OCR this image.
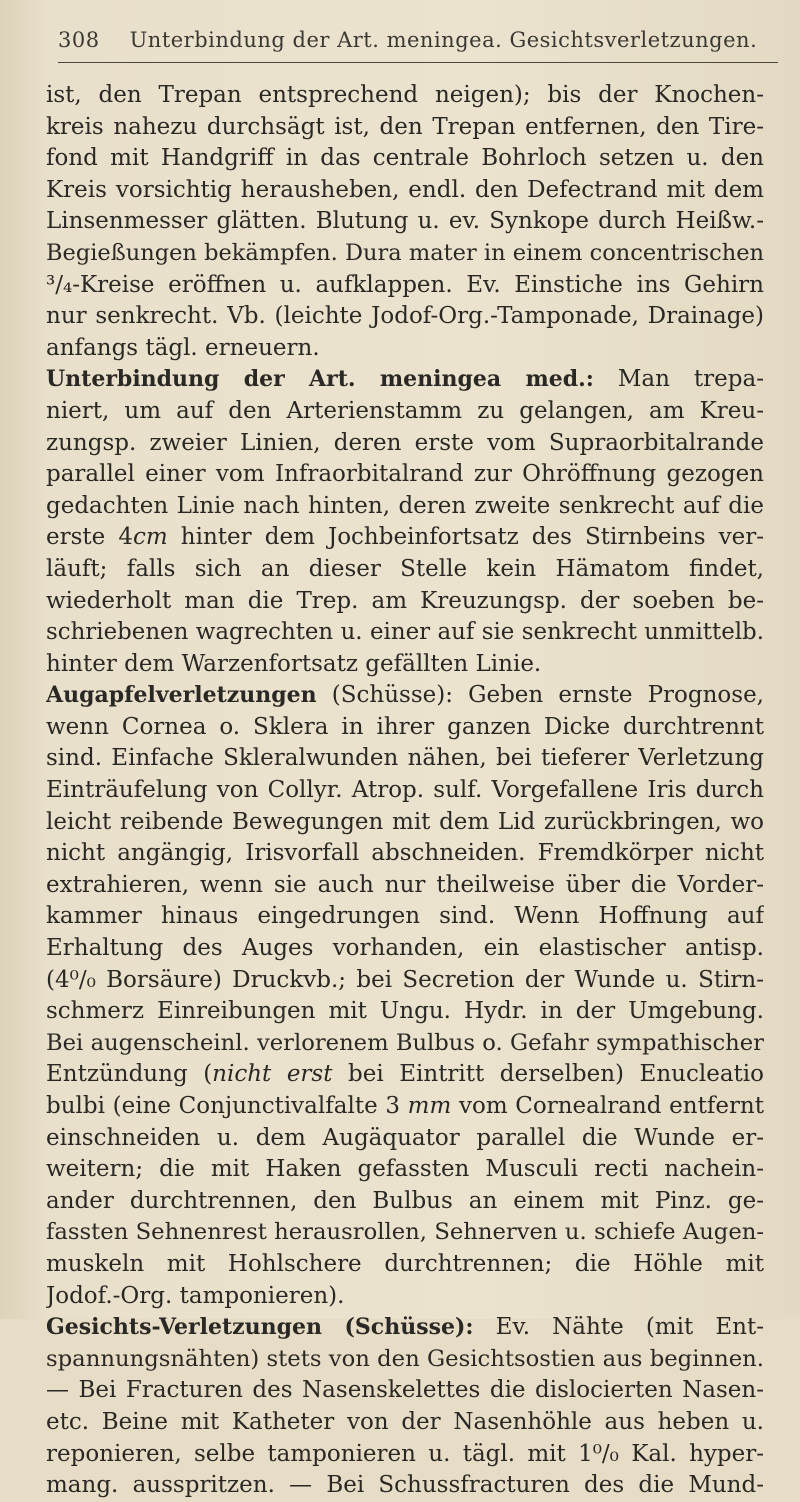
308 Unterbindung der Art. meningea. Gesichtsverletzungen.
ist, den Trepan entsprechend neigen); bis der Knochen-
kreis nahezu durchsägt ist, den Trepan entfernen, den Tire-
fond mit Handgriff in das centrale Bohrloch setzen u. den
Kreis vorsichtig herausheben, endl. den Defectrand mit dem
Linsenmesser glätten. Blutung u. ev. Synkope durch Heißw.-
Begießungen bekämpfen. Dura mater in einem concentrischen
³/₄-Kreise eröffnen u. aufklappen. Ev. Einstiche ins Gehirn
nur senkrecht. Vb. (leichte Jodof-Org.-Tamponade, Drainage)
anfangs tägl. erneuern.
Unterbindung der Art. meningea med.: Man trepa-
niert, um auf den Arterienstamm zu gelangen, am Kreu-
zungsp. zweier Linien, deren erste vom Supraorbitalrande
parallel einer vom Infraorbitalrand zur Ohröffnung gezogen
gedachten Linie nach hinten, deren zweite senkrecht auf die
erste 4cm hinter dem Jochbeinfortsatz des Stirnbeins ver-
läuft; falls sich an dieser Stelle kein Hämatom findet,
wiederholt man die Trep. am Kreuzungsp. der soeben be-
schriebenen wagrechten u. einer auf sie senkrecht unmittelb.
hinter dem Warzenfortsatz gefällten Linie.
Augapfelverletzungen (Schüsse): Geben ernste Prognose,
wenn Cornea o. Sklera in ihrer ganzen Dicke durchtrennt
sind. Einfache Skleralwunden nähen, bei tieferer Verletzung
Einträufelung von Collyr. Atrop. sulf. Vorgefallene Iris durch
leicht reibende Bewegungen mit dem Lid zurückbringen, wo
nicht angängig, Irisvorfall abschneiden. Fremdkörper nicht
extrahieren, wenn sie auch nur theilweise über die Vorder-
kammer hinaus eingedrungen sind. Wenn Hoffnung auf
Erhaltung des Auges vorhanden, ein elastischer antisp.
(4⁰/₀ Borsäure) Druckvb.; bei Secretion der Wunde u. Stirn-
schmerz Einreibungen mit Ungu. Hydr. in der Umgebung.
Bei augenscheinl. verlorenem Bulbus o. Gefahr sympathischer
Entzündung (nicht erst bei Eintritt derselben) Enucleatio
bulbi (eine Conjunctivalfalte 3 mm vom Cornealrand entfernt
einschneiden u. dem Augäquator parallel die Wunde er-
weitern; die mit Haken gefassten Musculi recti nachein-
ander durchtrennen, den Bulbus an einem mit Pinz. ge-
fassten Sehnenrest herausrollen, Sehnerven u. schiefe Augen-
muskeln mit Hohlschere durchtrennen; die Höhle mit
Jodof.-Org. tamponieren).
Gesichts-Verletzungen (Schüsse): Ev. Nähte (mit Ent-
spannungsnähten) stets von den Gesichtsostien aus beginnen.
— Bei Fracturen des Nasenskelettes die dislocierten Nasen-
etc. Beine mit Katheter von der Nasenhöhle aus heben u.
reponieren, selbe tamponieren u. tägl. mit 1⁰/₀ Kal. hyper-
mang. ausspritzen. — Bei Schussfracturen des die Mund-
